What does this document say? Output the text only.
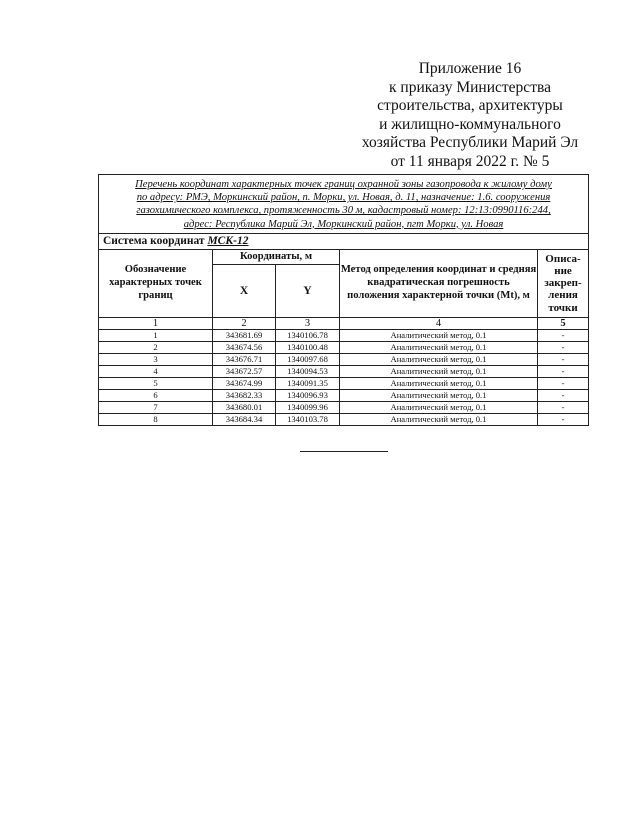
Приложение 16
к приказу Министерства
строительства, архитектуры
и жилищно-коммунального
хозяйства Республики Марий Эл
от 11 января 2022 г. № 5
Перечень координат характерных точек границ охранной зоны газопровода к жилому дому
по адресу: РМЭ, Моркинский район, п. Морки, ул. Новая, д. 11, назначение: 1.6. сооружения
газохимического комплекса, протяженность 30 м, кадастровый номер: 12:13:0990116:244,
адрес: Республика Марий Эл, Моркинский район, пгт Морки, ул. Новая				

Система координат МСК-12				
Обозначение характерных точек границ	Координаты, м		Метод определения координат и средняя квадратическая погрешность положения характерной точки (Mt), м	Описа-
ние
закреп-
ления
точки
	X	Y		
1	2	3	4	5
1	343681.69	1340106.78	Аналитический метод, 0.1	-
2	343674.56	1340100.48	Аналитический метод, 0.1	-
3	343676.71	1340097.68	Аналитический метод, 0.1	-
4	343672.57	1340094.53	Аналитический метод, 0.1	-
5	343674.99	1340091.35	Аналитический метод, 0.1	-
6	343682.33	1340096.93	Аналитический метод, 0.1	-
7	343680.01	1340099.96	Аналитический метод, 0.1	-
8	343684.34	1340103.78	Аналитический метод, 0.1	-
